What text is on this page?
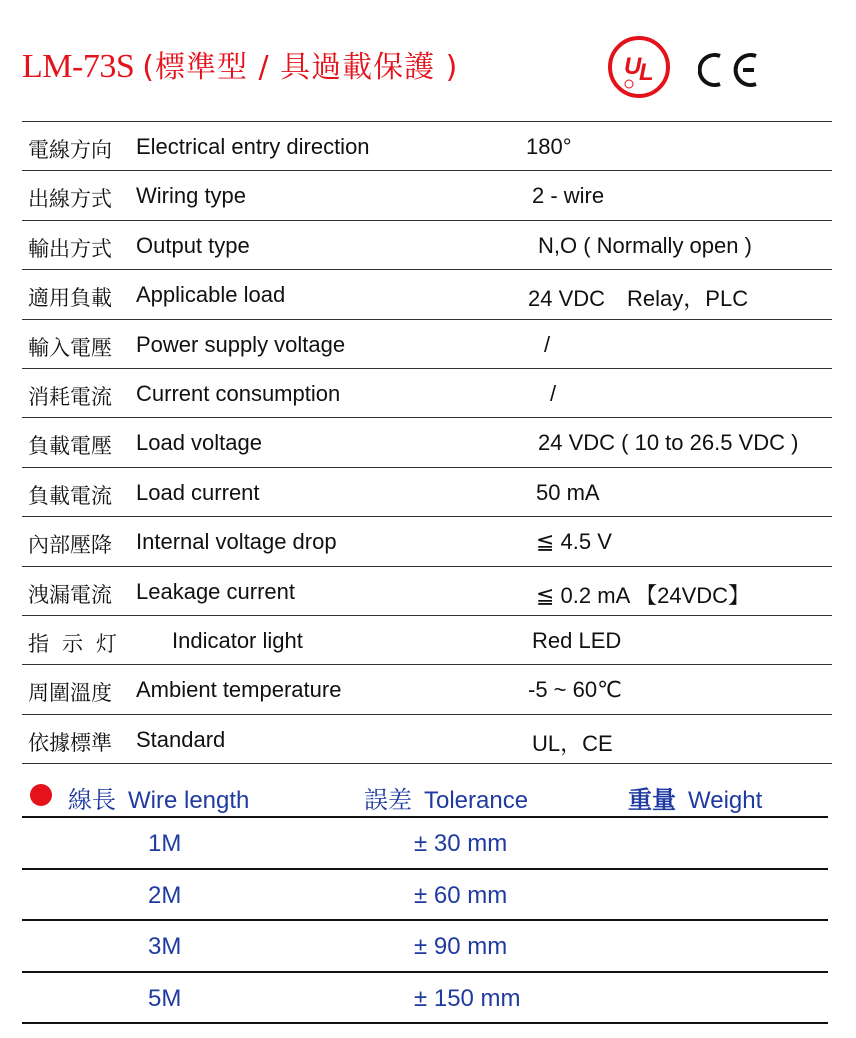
LM-73S (標準型 / 具過載保護 )	U
L
電線方向 Electrical entry direction	180°
出線方式 Wiring type	2 - wire
輸出方式 Output type	N,O ( Normally open )
適用負載 Applicable load	24 VDC　Relay，PLC
輸入電壓 Power supply voltage	/
消耗電流 Current consumption	/
負載電壓 Load voltage	24 VDC ( 10 to 26.5 VDC )
負載電流 Load current	50 mA
內部壓降 Internal voltage drop	≦ 4.5 V
洩漏電流 Leakage current	≦ 0.2 mA 【24VDC】
指示灯 Indicator light	Red LED
周圍溫度 Ambient temperature	-5 ~ 60℃
依據標準 Standard	UL，CE
線長 Wire length	誤差 Tolerance	重量 Weight
1M	± 30 mm
2M	± 60 mm
3M	± 90 mm
5M	± 150 mm
